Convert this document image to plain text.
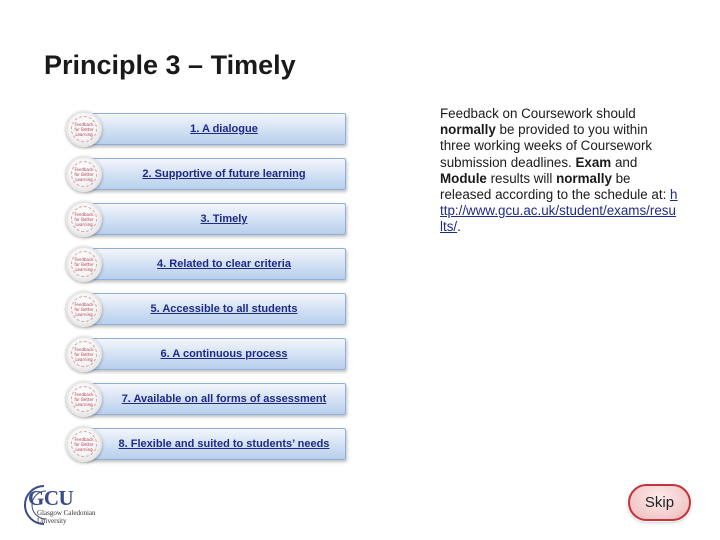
Principle 3 – Timely
1. A dialogue
Feedback for Better Learning
2. Supportive of future learning
Feedback for Better Learning
3. Timely
Feedback for Better Learning
4. Related to clear criteria
Feedback for Better Learning
5. Accessible to all students
Feedback for Better Learning
6. A continuous process
Feedback for Better Learning
7. Available on all forms of assessment
Feedback for Better Learning
8. Flexible and suited to students’ needs
Feedback for Better Learning
Feedback on Coursework should normally be provided to you within three working weeks of Coursework submission deadlines. Exam and Module results will normally be released according to the schedule at: http://www.gcu.ac.uk/student/exams/results/.
GCU
Glasgow Caledonian
University
Skip
